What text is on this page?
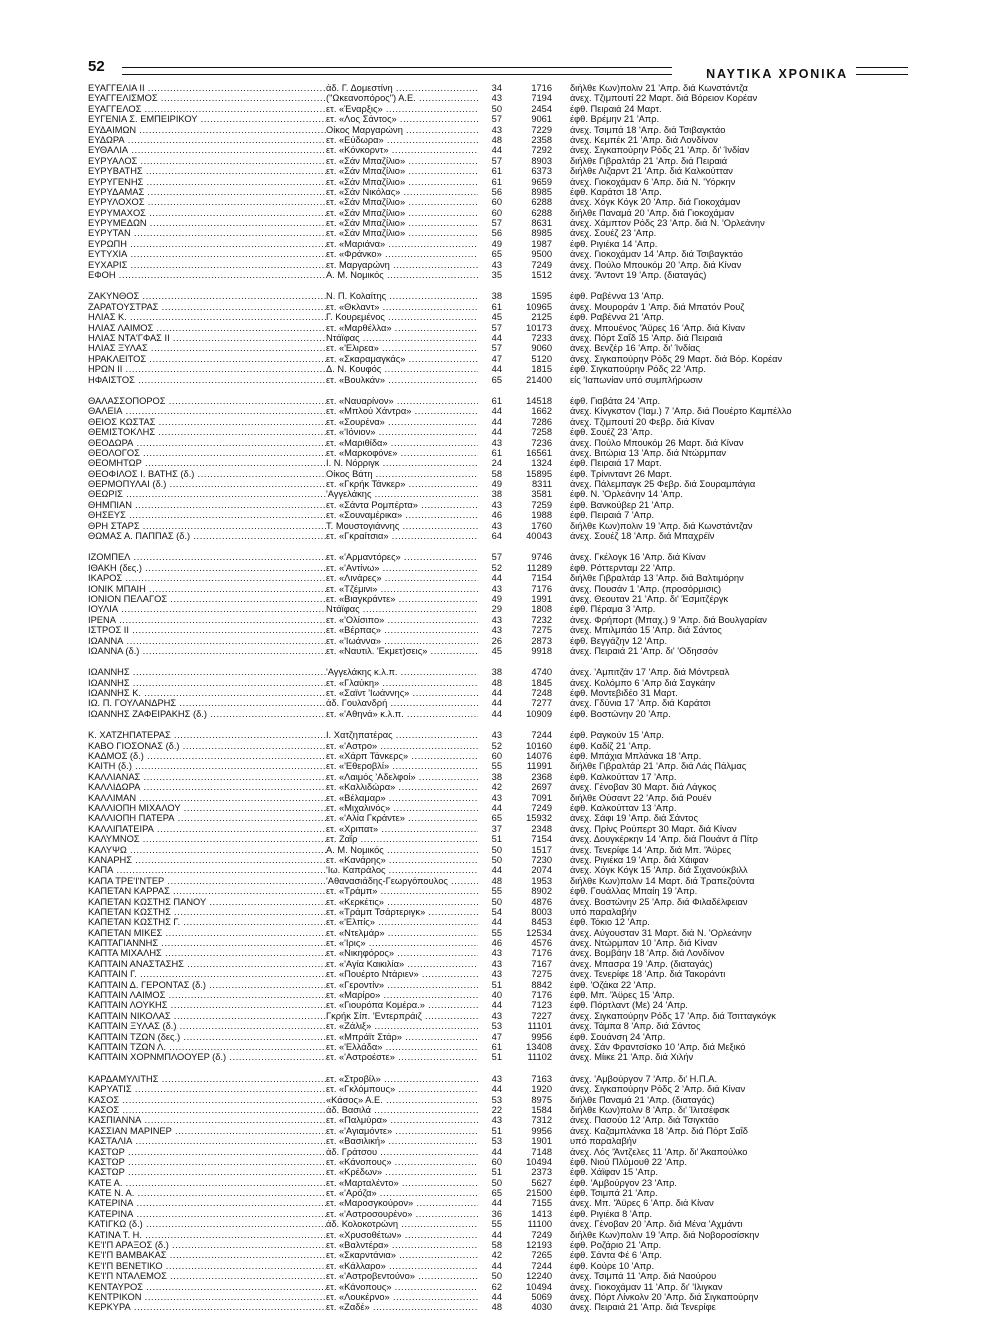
52	ΝΑΥΤΙΚΑ ΧΡΟΝΙΚΑ
ΕΥΑΓΓΕΛΙΑ ΙΙ .....	άδ. Γ. Δομεστίνη .....	34	1716 διήλθε Κων)πολιν 21 'Απρ. διά Κωνστάντζα
ΕΥΑΓΓΕΛΙΣΜΟΣ .....	("Ωκεανοπόρος") Α.Ε. .....	43	7194 άνεχ. Τζιμπουτί 22 Μαρτ. διά Βόρειον Κορέαν
ΕΥΑΓΓΕΛΟΣ .....	ετ. «Έναρξις» .....	50	2454 έφθ. Πειραιά 24 Μαρτ.
ΕΥΓΕΝΙΑ Σ. ΕΜΠΕΙΡΙΚΟΥ .....	ετ. «Λος Σάντος» .....	57	9061 έφθ. Βρέμην 21 'Απρ.
ΕΥΔΑΙΜΩΝ .....	Οίκος Μαργαρώνη .....	43	7229 άνεχ. Τσιμπά 18 'Απρ. διά Τσιβαγκτάο
ΕΥΔΩΡΑ .....	ετ. «Εύδωρα» .....	48	2358 άνεχ. Κεμπέκ 21 'Απρ. διά Λονδίνον
ΕΥΘΑΛΙΑ .....	ετ. «Κόνκορντ» .....	44	7292 άνεχ. Σιγκαπούρην Ρόδς 21 'Απρ. δι' Ίνδίαν
ΕΥΡΥΑΛΟΣ .....	ετ. «Σάν Μπαζίλιο» .....	57	8903 διήλθε Γιβραλτάρ 21 'Απρ. διά Πειραιά
ΕΥΡΥΒΑΤΗΣ .....	ετ. «Σάν Μπαζίλιο» .....	61	6373 διήλθε Λιζαρντ 21 'Απρ. διά Καλκούτταν
ΕΥΡΥΓΕΝΗΣ .....	ετ. «Σάν Μπαζίλιο» .....	61	9659 άνεχ. Γιοκοχάμαν 6 'Απρ. διά Ν. 'Υόρκην
ΕΥΡΥΔΑΜΑΣ .....	ετ. «Σάν Νικόλας» .....	56	8985 έφθ. Καράτσι 18 'Απρ.
ΕΥΡΥΛΟΧΟΣ .....	ετ. «Σάν Μπαζίλιο» .....	60	6288 άνεχ. Χόγκ Κόγκ 20 'Απρ. διά Γιοκοχάμαν
ΕΥΡΥΜΑΧΟΣ .....	ετ. «Σάν Μπαζίλιο» .....	60	6288 διήλθε Παναμά 20 'Απρ. διά Γιοκοχάμαν
ΕΥΡΥΜΕΔΩΝ .....	ετ. «Σάν Μπαζίλιο» .....	57	8631 άνεχ. Χάμπτον Ρόδς 23 'Απρ. διά Ν. 'Ορλεάνην
ΕΥΡΥΤΑΝ .....	ετ. «Σάν Μπαζίλιο» .....	56	8985 άνεχ. Σουέζ 23 'Απρ.
ΕΥΡΩΠΗ .....	ετ. «Μαριάνα» .....	49	1987 έφθ. Ριγιέκα 14 'Απρ.
ΕΥΤΥΧΙΑ .....	ετ. «Φράνκο» .....	65	9500 άνεχ. Γιοκοχάμαν 14 'Απρ. διά Τσιβαγκτάο
ΕΥΧΑΡΙΣ .....	ετ. Μαργαρώνη .....	43	7249 άνεχ. Πούλο Μπουκόμ 20 'Απρ. διά Κίναν
ΕΦΟΗ .....	Α. Μ. Νομικός .....	35	1512 άνεχ. 'Άντοντ 19 'Απρ. (διαταγάς)
ΖΑΚΥΝΘΟΣ .....	Ν. Π. Κολαίτης .....	38	1595 έφθ. Ραβέννα 13 'Απρ.
ΖΑΡΑΤΟΥΣΤΡΑΣ .....	ετ. «Θκλαντ» .....	61	10965 άνεχ. Μουροράν 1 'Απρ. διά Μπατόν Ρουζ
ΗΛΙΑΣ Κ. .....	Γ. Κουρεμένος .....	45	2125 έφθ. Ραβέννα 21 'Απρ.
ΗΛΙΑΣ ΛΑΙΜΟΣ .....	ετ. «Μαρθέλλα» .....	57	10173 άνεχ. Μπουένος 'Άϋρες 16 'Απρ. διά Κίναν
ΗΛΙΑΣ ΝΤΑ'ΓΦΑΣ ΙΙ .....	Ντάϊφας .....	44	7233 άνεχ. Πόρτ Σαΐδ 15 'Απρ. διά Πειραιά
ΗΛΙΑΣ ΞΥΛΑΣ .....	ετ. «'Ελιρεα» .....	57	9060 άνεχ. Βενζέρ 16 'Απρ. δι' Ίνδίας
ΗΡΑΚΛΕΙΤΟΣ .....	ετ. «Σκαραμαγκάς» .....	47	5120 άνεχ. Σιγκαπούρην Ρόδς 29 Μαρτ. διά Βόρ. Κορέαν
ΗΡΩΝ ΙΙ .....	Δ. Ν. Κουφός .....	44	1815 έφθ. Σιγκαπούρην Ρόδς 22 'Απρ.
ΗΦΑΙΣΤΟΣ .....	ετ. «Βουλκάν» .....	65	21400 είς 'Ιαπωνίαν υπό συμπλήρωσιν
ΘΑΛΑΣΣΟΠΟΡΟΣ .....	ετ. «Ναυαρίνον» .....	61	14518 έφθ. Γιαβάτα 24 'Απρ.
ΘΑΛΕΙΑ .....	ετ. «Μπλού Χάντρα» .....	44	1662 άνεχ. Κίνγκστον ('Ιαμ.) 7 'Απρ. διά Πουέρτο Καμπέλλο
ΘΕΙΟΣ ΚΩΣΤΑΣ .....	ετ. «Σουρένα» .....	44	7286 άνεχ. Τζιμπουτί 20 Φεβρ. διά Κίναν
ΘΕΜΙΣΤΟΚΛΗΣ .....	ετ. «'Ιόνιον» .....	44	7258 έφθ. Σουέζ 23 'Απρ.
ΘΕΟΔΩΡΑ .....	ετ. «Μαριθίδα» .....	43	7236 άνεχ. Πούλο Μπουκόμ 26 Μαρτ. διά Κίναν
ΘΕΟΛΟΓΟΣ .....	ετ. «Μαρκοφόνε» .....	61	16561 άνεχ. Βιτώρια 13 'Απρ. διά Ντώρμπαν
ΘΕΟΜΗΤΩΡ .....	Ι. Ν. Νόρριγκ .....	24	1324 έφθ. Πειραιά 17 Μαρτ.
ΘΕΟΦΙΛΟΣ Ι. ΒΑΤΗΣ (δ.) .....	Οίκος Βάτη .....	58	15895 έφθ. Τρίνινταντ 26 Μαρτ.
ΘΕΡΜΟΠΥΛΑΙ (δ.) .....	ετ. «Γκρήκ Τάνκερ» .....	49	8311 άνεχ. Πάλεμπαγκ 25 Φεβρ. διά Σουραμπάγια
ΘΕΩΡΙΣ .....	'Αγγελάκης .....	38	3581 έφθ. Ν. 'Ορλεάνην 14 'Απρ.
ΘΗΜΠΙΑΝ .....	ετ. «Σάντα Ρομπέρτα» .....	43	7259 έφθ. Βανκούβερ 21 'Απρ.
ΘΗΣΕΥΣ .....	ετ. «Σουναμέρικα» .....	46	1988 έφθ. Πειραιά 7 'Απρ.
ΘΡΗ ΣΤΑΡΣ .....	Τ. Μουστογιάννης .....	43	1760 διήλθε Κων)πολιν 19 'Απρ. διά Κωνστάντζαν
ΘΩΜΑΣ Α. ΠΑΠΠΑΣ (δ.) .....	ετ. «Γκραίτσια» .....	64	40043 άνεχ. Σουέζ 18 'Απρ. διά Μπαχρέϊν
ΙΖΟΜΠΕΛ .....	ετ. «'Αρμαντόρες» .....	57	9746 άνεχ. Γκέλογκ 16 'Απρ. διά Κίναν
ΙΘΑΚΗ (δες.) .....	ετ. «'Αντίνω» .....	52	11289 έφθ. Ρόττερνταμ 22 'Απρ.
ΙΚΑΡΟΣ .....	ετ. «Λινάρες» .....	44	7154 διήλθε Γιβραλτάρ 13 'Απρ. διά Βαλτιμόρην
ΙΟΝΙΚ ΜΠΑΙΗ .....	ετ. «Τζέμινι» .....	43	7176 άνεχ. Πουσάν 1 'Απρ. (προσόρμισις)
ΙΟΝΙΟΝ ΠΕΛΑΓΟΣ .....	ετ. «Βιαγκράντε» .....	49	1991 άνεχ. Θεουταν 21 'Απρ. δι' Έσμιτζέργκ
ΙΟΥΛΙΑ .....	Ντάϊφας .....	29	1808 έφθ. Πέραμα 3 'Απρ.
ΙΡΕΝΑ .....	ετ. «'Ολίσιπο» .....	43	7232 άνεχ. Φρήπορτ (Μπαχ.) 9 'Απρ. διά Βουλγαρίαν
ΙΣΤΡΟΣ ΙΙ .....	ετ. «Βέρπας» .....	43	7275 άνεχ. Μπιλμπάο 15 'Απρ. διά Σάντος
ΙΩΑΝΝΑ .....	ετ. «'Ιωάννα» .....	26	2873 έφθ. Βεγγάζην 12 'Απρ.
ΙΩΑΝΝΑ (δ.) .....	ετ. «Ναυτιλ. 'Εκμετ)σεις» .....	45	9918 άνεχ. Πειραιά 21 'Απρ. δι' 'Οδησσόν
ΙΩΑΝΝΗΣ .....	'Αγγελάκης κ.λ.π. .....	38	4740 άνεχ. 'Αμπιτζάν 17 'Απρ. διά Μόντρεαλ
ΙΩΑΝΝΗΣ .....	ετ. «Γλαύκη» .....	48	1845 άνεχ. Κολόμπο 6 'Απρ διά Σαγκάην
ΙΩΑΝΝΗΣ Κ. .....	ετ. «Σαϊντ 'Ιωάννης» .....	44	7248 έφθ. Μοντεβιδέο 31 Μαρτ.
ΙΩ. Π. ΓΟΥΛΑΝΔΡΗΣ .....	άδ. Γουλανδρή .....	44	7277 άνεχ. Γδύνια 17 'Απρ. διά Καράτσι
ΙΩΑΝΝΗΣ ΖΑΦΕΙΡΑΚΗΣ (δ.) .....	ετ. «'Αθηνά» κ.λ.π. .....	44	10909 έφθ. Βοστώνην 20 'Απρ.
Κ. ΧΑΤΖΗΠΑΤΕΡΑΣ .....	Ι. Χατζηπατέρας .....	43	7244 έφθ. Ραγκούν 15 'Απρ.
ΚΑΒΟ ΓΙΟΣΟΝΑΣ (δ.) .....	ετ. «'Αστρο» .....	52	10160 έφθ. Καδίζ 21 'Απρ.
ΚΑΔΜΟΣ (δ.) .....	ετ. «Χάρπ Τάνκερς» .....	60	14076 έφθ. Μπάχια Μπλάνκα 18 'Απρ.
ΚΑΙΤΗ (δ.) .....	ετ. «'Εθεροβλί» .....	55	11991 διήλθε Γιβραλτάρ 21 'Απρ. διά Λάς Πάλμας
ΚΑΛΛΙΑΝΑΣ .....	ετ. «Λαιμός 'Αδελφοί» .....	38	2368 έφθ. Καλκούτταν 17 'Απρ.
ΚΑΛΛΙΔΩΡΑ .....	ετ. «Καλλιδώρα» .....	42	2697 άνεχ. Γένοβαν 30 Μαρτ. διά Λάγκος
ΚΑΛΛΙΜΑΝ .....	ετ. «Βέλαμαρ» .....	43	7091 διήλθε Ούσαντ 22 'Απρ. διά Ρουέν
ΚΑΛΛΙΟΠΗ ΜΙΧΑΛΟΥ .....	ετ. «Μιχαλινός» .....	44	7249 έφθ. Καλκούτταν 13 'Απρ.
ΚΑΛΛΙΟΠΗ ΠΑΤΕΡΑ .....	ετ. «'Αλία Γκράντε» .....	65	15932 άνεχ. Σάφι 19 'Απρ. διά Σάντος
ΚΑΛΛΙΠΑΤΕΙΡΑ .....	ετ. «Χριπατ» .....	37	2348 άνεχ. Πρίνς Ρούπερτ 30 Μαρτ. διά Κίναν
ΚΑΛΥΜΝΟΣ .....	ετ. Ζαΐρ .....	51	7154 άνεχ. Δουγκέρκην 14 'Απρ. διά Πουάντ ά Πίτρ
ΚΑΛΥΨΩ .....	Α. Μ. Νομικός .....	50	1517 άνεχ. Τενερίφε 14 'Απρ. διά Μπ. 'Άϋρες
ΚΑΝΑΡΗΣ .....	ετ. «Κανάρης» .....	50	7230 άνεχ. Ριγιέκα 19 'Απρ. διά Χάιφαν
ΚΑΠΑ .....	'Ιω. Καπράλος .....	44	2074 άνεχ. Χόγκ Κόγκ 15 'Απρ. διά Σιχανούκβιλλ
ΚΑΠΑ ΤΡΕ'Ι'ΝΤΕΡ .....	'Αθανασιάδης-Γεωργόπουλος .....	48	1953 διήλθε Κων)πολιν 14 Μαρτ. διά Τραπεζούντα
ΚΑΠΕΤΑΝ ΚΑΡΡΑΣ .....	ετ. «Τράμπ» .....	55	8902 έφθ. Γουάλλας Μπαίη 19 'Απρ.
ΚΑΠΕΤΑΝ ΚΩΣΤΗΣ ΠΑΝΟΥ .....	ετ. «Κερκέτις» .....	50	4876 άνεχ. Βοστώνην 25 'Απρ. διά Φιλαδέλφειαν
ΚΑΠΕΤΑΝ ΚΩΣΤΗΣ .....	ετ. «Τράμπ Τσάρτεριγκ» .....	54	8003 υπό παραλαβήν
ΚΑΠΕΤΑΝ ΚΩΣΤΗΣ Γ. .....	ετ. «'Ελπίς» .....	44	8453 έφθ. Τόκιο 12 'Απρ.
ΚΑΠΕΤΑΝ ΜΙΚΕΣ .....	ετ. «Ντελμάρ» .....	55	12534 άνεχ. Αύγουσταν 31 Μαρτ. διά Ν. 'Ορλεάνην
ΚΑΠΤΑΓΙΑΝΝΗΣ .....	ετ. «'Ιρις» .....	46	4576 άνεχ. Ντώρμπαν 10 'Απρ. διά Κίναν
ΚΑΠΤΑ ΜΙΧΑΛΗΣ .....	ετ. «Νικηφόρος» .....	43	7176 άνεχ. Βομβάην 18 'Απρ. διά Λονδίνον
ΚΑΠΤΑΙΝ ΑΝΑΣΤΑΣΗΣ .....	ετ. «'Αγία Καικιλία» .....	43	7167 άνεχ. Μπασρα 19 'Απρ. (διαταγάς)
ΚΑΠΤΑΙΝ Γ. .....	ετ. «Πουέρτο Ντάριεν» .....	43	7275 άνεχ. Τενερίφε 18 'Απρ. διά Τακοράντι
ΚΑΠΤΑΙΝ Δ. ΓΕΡΟΝΤΑΣ (δ.) .....	ετ. «Γεροντίν» .....	51	8842 έφθ. 'Οζάκα 22 'Απρ.
ΚΑΠΤΑΙΝ ΛΑΙΜΟΣ .....	ετ. «Μαρίρο» .....	40	7176 έφθ. Μπ. 'Άϋρες 15 'Απρ.
ΚΑΠΤΑΙΝ ΛΟΥΚΗΣ .....	ετ. «Γιουρόπα Κομέρα.» .....	44	7123 έφθ. Πόρτλαντ (Με) 24 'Απρ.
ΚΑΠΤΑΙΝ ΝΙΚΟΛΑΣ .....	Γκρήκ Σίπ. 'Εντερπράιζ .....	43	7227 άνεχ. Σιγκαπούρην Ρόδς 17 'Απρ. διά Τσιτταγκόγκ
ΚΑΠΤΑΙΝ ΞΥΛΑΣ (δ.) .....	ετ. «Ζάλιξ» .....	53	11101 άνεχ. Τάμπα 8 'Απρ. διά Σάντος
ΚΑΠΤΑΙΝ ΤΖΩΝ (δες.) .....	ετ. «Μπράϊτ Στάρ» .....	47	9956 έφθ. Σουάνση 24 'Απρ.
ΚΑΠΤΑΙΝ ΤΖΩΝ Λ. .....	ετ. «'Ελλάδα» .....	61	13408 άνεχ. Σάν Φραντσίσκο 10 'Απρ. διά Μεξικό
ΚΑΠΤΑΙΝ ΧΟΡΝΜΠΛΟΟΥΕΡ (δ.) .....	ετ. «'Αστροέστε» .....	51	11102 άνεχ. Μίικε 21 'Απρ. διά Χιλήν
ΚΑΡΔΑΜΥΛΙΤΗΣ .....	ετ. «Στροβίλ» .....	43	7163 άνεχ. 'Αμβούργον 7 'Απρ. δι' Η.Π.Α.
ΚΑΡΥΑΤΙΣ .....	ετ. «Γκλόμπους» .....	44	1920 άνεχ. Σιγκαπούρην Ρόδς 2 'Απρ. διά Κίναν
ΚΑΣΟΣ .....	«Κάσος» Α.Ε. .....	53	8975 διήλθε Παναμά 21 'Απρ. (διαταγάς)
ΚΑΣΟΣ .....	άδ. Βασιλά .....	22	1584 διήλθε Κων)πολιν 8 'Απρ. δι' Ίλιτσέφσκ
ΚΑΣΠΙΑΝΝΑ .....	ετ. «Παλμύρα» .....	43	7312 άνεχ. Πασούο 12 'Απρ. διά Τσιγκτάο
ΚΑΣΣΙΑΝ ΜΑΡΙΝΕΡ .....	ετ. «'Αγιαμόντε» .....	51	9956 άνεχ. Καζαμπλάνκα 18 'Απρ. διά Πόρτ Σαΐδ
ΚΑΣΤΑΛΙΑ .....	ετ. «Βασιλική» .....	53	1901 υπό παραλαβήν
ΚΑΣΤΩΡ .....	άδ. Γράτσου .....	44	7148 άνεχ. Λός 'Άντζελες 11 'Απρ. δι' Άκαπούλκο
ΚΑΣΤΩΡ .....	ετ. «Κάνοπους» .....	60	10494 έφθ. Νιού Πλύμουθ 22 'Απρ.
ΚΑΣΤΩΡ .....	ετ. «Κρέδων» .....	51	2373 έφθ. Χάϊφαν 15 'Απρ.
ΚΑΤΕ Α. .....	ετ. «Μαρταλέντο» .....	50	5627 έφθ. 'Αμβούργον 23 'Απρ.
ΚΑΤΕ Ν. Α. .....	ετ. «'Αρόζα» .....	65	21500 έφθ. Τσιμπά 21 'Απρ.
ΚΑΤΕΡΙΝΑ .....	ετ. «Μαροσγκούρον» .....	44	7155 άνεχ. Μπ. 'Άϋρες 6 'Απρ. διά Κίναν
ΚΑΤΕΡΙΝΑ .....	ετ. «'Αστροσουρένο» .....	36	1413 έφθ. Ριγιέκα 8 'Απρ.
ΚΑΤΙΓΚΩ (δ.) .....	άδ. Κολοκοτρώνη .....	55	11100 άνεχ. Γένοβαν 20 'Απρ. διά Μένα 'Αχμάντι
ΚΑΤΙΝΑ Τ. Η. .....	ετ. «Χρυσοθέτων» .....	44	7249 διήλθε Κων)πολιν 19 'Απρ. διά Νοβοροσίσκην
ΚΕ'Ι'Π ΑΡΑΞΟΣ (δ.) .....	ετ. «Βαλντέρα» .....	58	12193 έφθ. Ροζάριο 21 'Απρ.
ΚΕ'Ι'Π ΒΑΜΒΑΚΑΣ .....	ετ. «Σκαρντάνια» .....	42	7265 έφθ. Σάντα Φέ 6 'Απρ.
ΚΕ'Ι'Π ΒΕΝΕΤΙΚΟ .....	ετ. «Κάλλαρο» .....	44	7244 έφθ. Κούρε 10 'Απρ.
ΚΕ'Ι'Π ΝΤΑΛΕΜΟΣ .....	ετ. «'Αστροβεντούνο» .....	50	12240 άνεχ. Τσιμπά 11 'Απρ. διά Ναούρου
ΚΕΝΤΑΥΡΟΣ .....	ετ. «Κάνοπους» .....	62	10494 άνεχ. Γιοκοχάμαν 11 'Απρ. δι' 'Ιλιγκαν
ΚΕΝΤΡΙΚΟΝ .....	ετ. «Λουκέρνο» .....	44	5069 άνεχ. Πόρτ Λίνκολν 20 'Απρ. διά Σιγκαπούρην
ΚΕΡΚΥΡΑ .....	ετ. «Ζαδέ» .....	48	4030 άνεχ. Πειραιά 21 'Απρ. διά Τενερίφε
